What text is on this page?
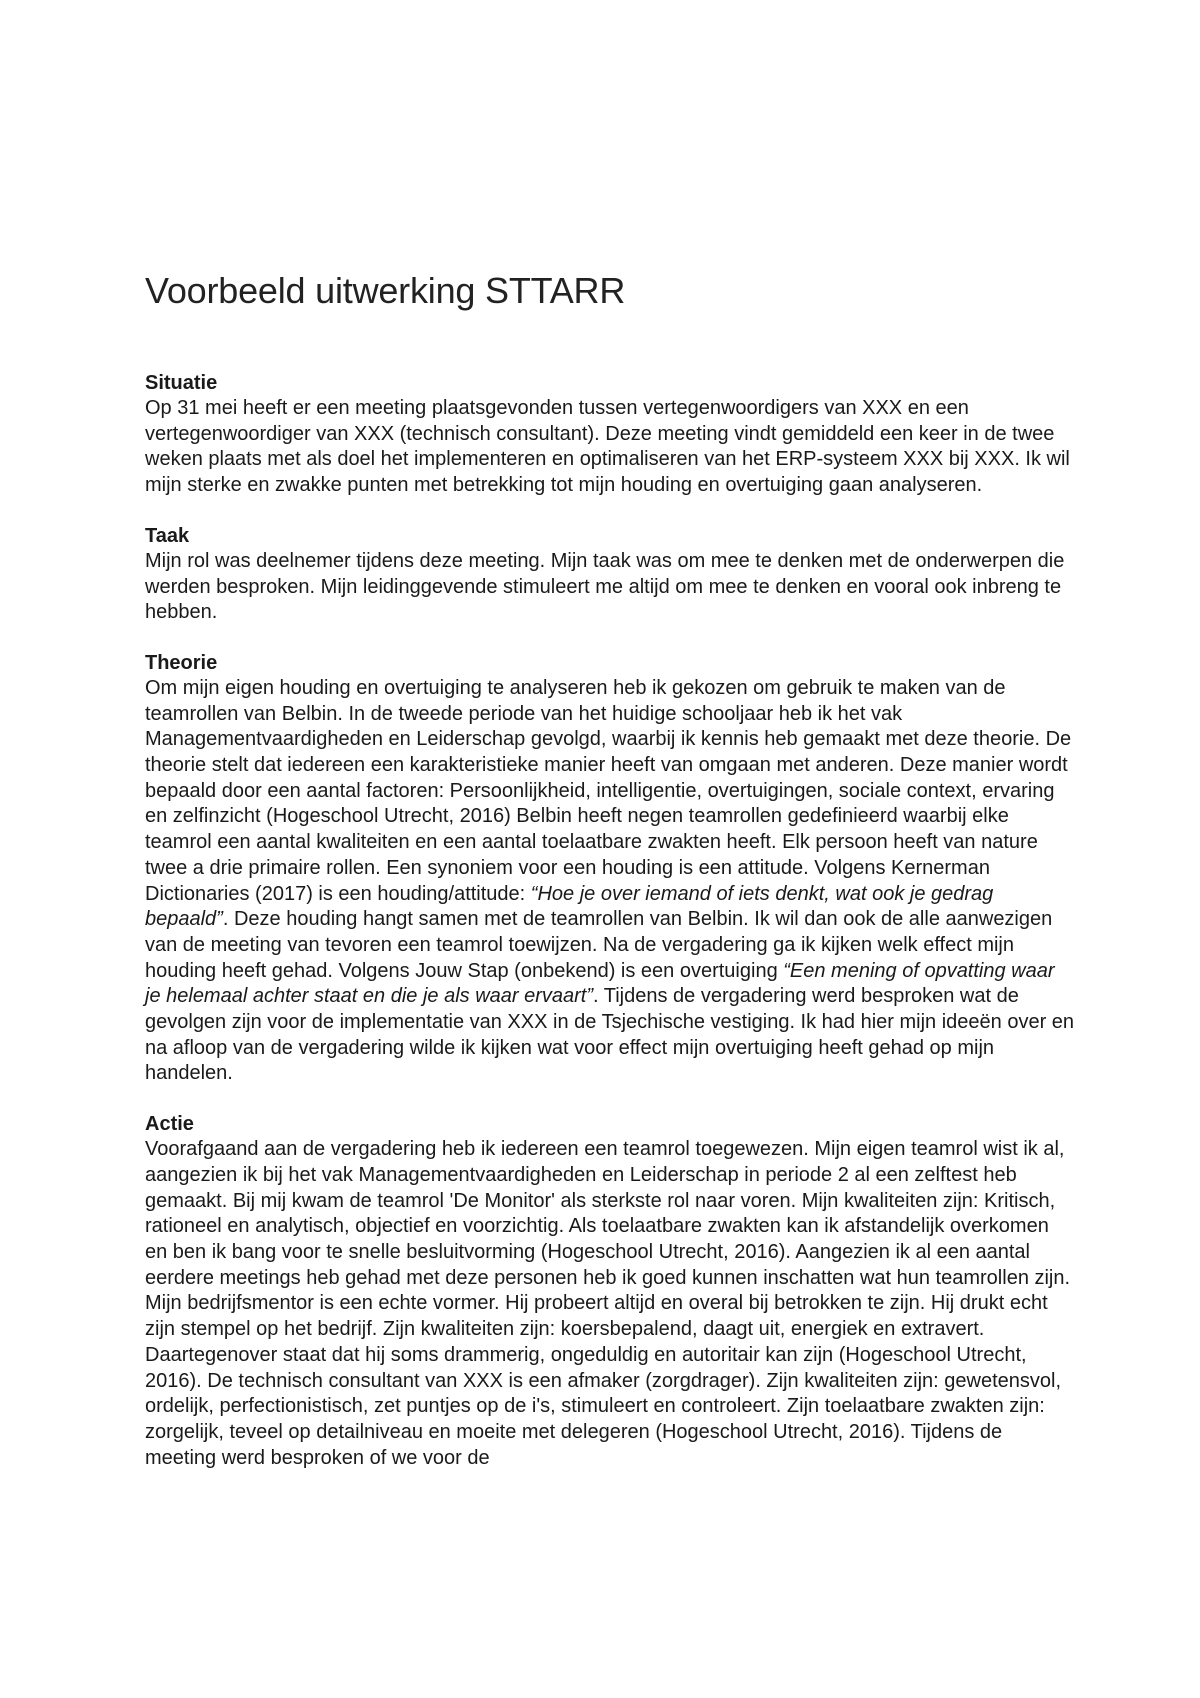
Voorbeeld uitwerking STTARR
Situatie

Op 31 mei heeft er een meeting plaatsgevonden tussen vertegenwoordigers van XXX en een vertegenwoordiger van XXX (technisch consultant). Deze meeting vindt gemiddeld een keer in de twee weken plaats met als doel het implementeren en optimaliseren van het ERP-systeem XXX bij XXX. Ik wil mijn sterke en zwakke punten met betrekking tot mijn houding en overtuiging gaan analyseren.

Taak

Mijn rol was deelnemer tijdens deze meeting. Mijn taak was om mee te denken met de onderwerpen die werden besproken. Mijn leidinggevende stimuleert me altijd om mee te denken en vooral ook inbreng te hebben.

Theorie

Om mijn eigen houding en overtuiging te analyseren heb ik gekozen om gebruik te maken van de teamrollen van Belbin. In de tweede periode van het huidige schooljaar heb ik het vak Managementvaardigheden en Leiderschap gevolgd, waarbij ik kennis heb gemaakt met deze theorie. De theorie stelt dat iedereen een karakteristieke manier heeft van omgaan met anderen. Deze manier wordt bepaald door een aantal factoren: Persoonlijkheid, intelligentie, overtuigingen, sociale context, ervaring en zelfinzicht (Hogeschool Utrecht, 2016) Belbin heeft negen teamrollen gedefinieerd waarbij elke teamrol een aantal kwaliteiten en een aantal toelaatbare zwakten heeft. Elk persoon heeft van nature twee a drie primaire rollen. Een synoniem voor een houding is een attitude. Volgens Kernerman Dictionaries (2017) is een houding/attitude: “Hoe je over iemand of iets denkt, wat ook je gedrag bepaald”. Deze houding hangt samen met de teamrollen van Belbin. Ik wil dan ook de alle aanwezigen van de meeting van tevoren een teamrol toewijzen. Na de vergadering ga ik kijken welk effect mijn houding heeft gehad. Volgens Jouw Stap (onbekend) is een overtuiging “Een mening of opvatting waar je helemaal achter staat en die je als waar ervaart”. Tijdens de vergadering werd besproken wat de gevolgen zijn voor de implementatie van XXX in de Tsjechische vestiging. Ik had hier mijn ideeën over en na afloop van de vergadering wilde ik kijken wat voor effect mijn overtuiging heeft gehad op mijn handelen.

Actie

Voorafgaand aan de vergadering heb ik iedereen een teamrol toegewezen. Mijn eigen teamrol wist ik al, aangezien ik bij het vak Managementvaardigheden en Leiderschap in periode 2 al een zelftest heb gemaakt. Bij mij kwam de teamrol 'De Monitor' als sterkste rol naar voren. Mijn kwaliteiten zijn: Kritisch, rationeel en analytisch, objectief en voorzichtig. Als toelaatbare zwakten kan ik afstandelijk overkomen en ben ik bang voor te snelle besluitvorming (Hogeschool Utrecht, 2016). Aangezien ik al een aantal eerdere meetings heb gehad met deze personen heb ik goed kunnen inschatten wat hun teamrollen zijn. Mijn bedrijfsmentor is een echte vormer. Hij probeert altijd en overal bij betrokken te zijn. Hij drukt echt zijn stempel op het bedrijf. Zijn kwaliteiten zijn: koersbepalend, daagt uit, energiek en extravert. Daartegenover staat dat hij soms drammerig, ongeduldig en autoritair kan zijn (Hogeschool Utrecht, 2016). De technisch consultant van XXX is een afmaker (zorgdrager). Zijn kwaliteiten zijn: gewetensvol, ordelijk, perfectionistisch, zet puntjes op de i's, stimuleert en controleert. Zijn toelaatbare zwakten zijn: zorgelijk, teveel op detailniveau en moeite met delegeren (Hogeschool Utrecht, 2016). Tijdens de meeting werd besproken of we voor de
